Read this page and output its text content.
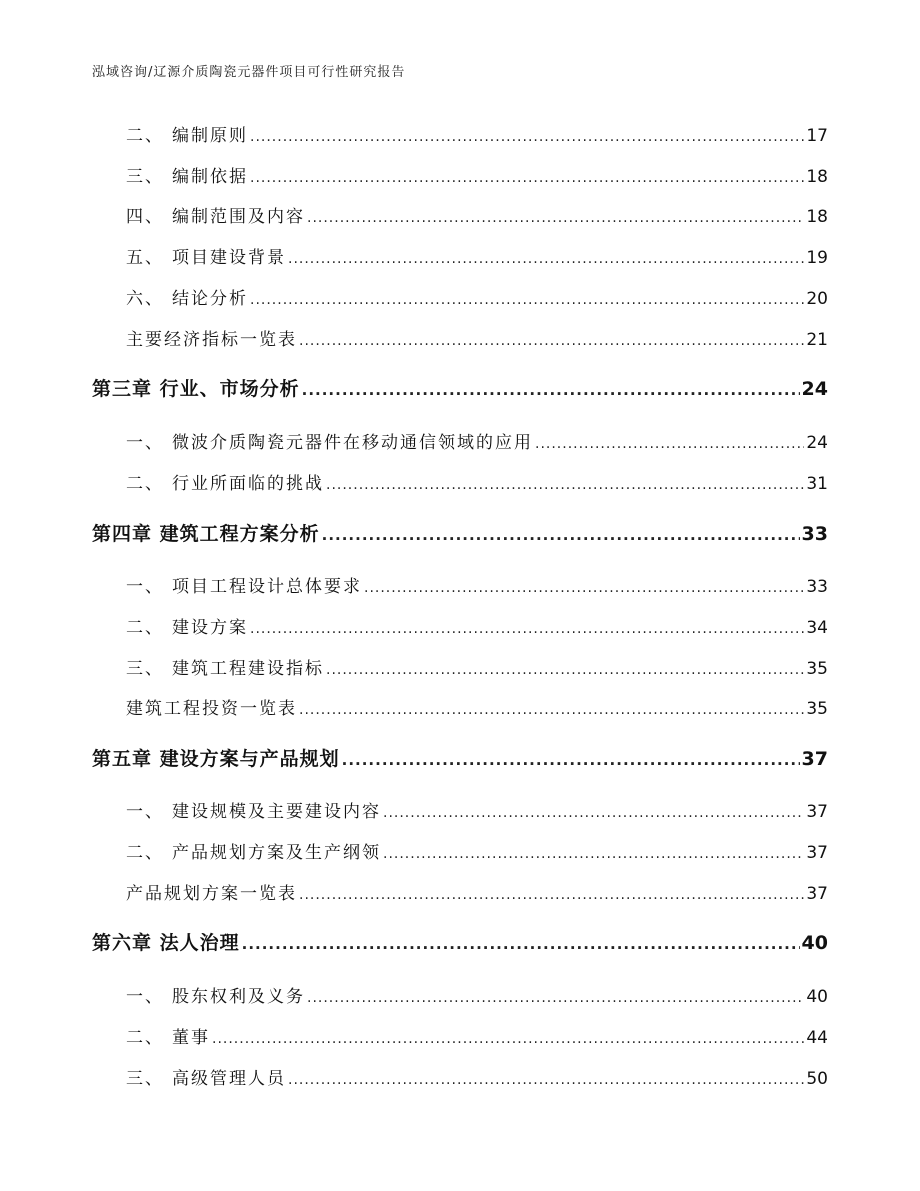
泓域咨询/辽源介质陶瓷元器件项目可行性研究报告
二、 编制原则 .....	17
三、 编制依据 .....	18
四、 编制范围及内容 .....	18
五、 项目建设背景 .....	19
六、 结论分析 .....	20
主要经济指标一览表 .....	21
第三章 行业、市场分析 .....	24
一、 微波介质陶瓷元器件在移动通信领域的应用 .....	24
二、 行业所面临的挑战 .....	31
第四章 建筑工程方案分析 .....	33
一、 项目工程设计总体要求 .....	33
二、 建设方案 .....	34
三、 建筑工程建设指标 .....	35
建筑工程投资一览表 .....	35
第五章 建设方案与产品规划 .....	37
一、 建设规模及主要建设内容 .....	37
二、 产品规划方案及生产纲领 .....	37
产品规划方案一览表 .....	37
第六章 法人治理 .....	40
一、 股东权利及义务 .....	40
二、 董事 .....	44
三、 高级管理人员 .....	50
